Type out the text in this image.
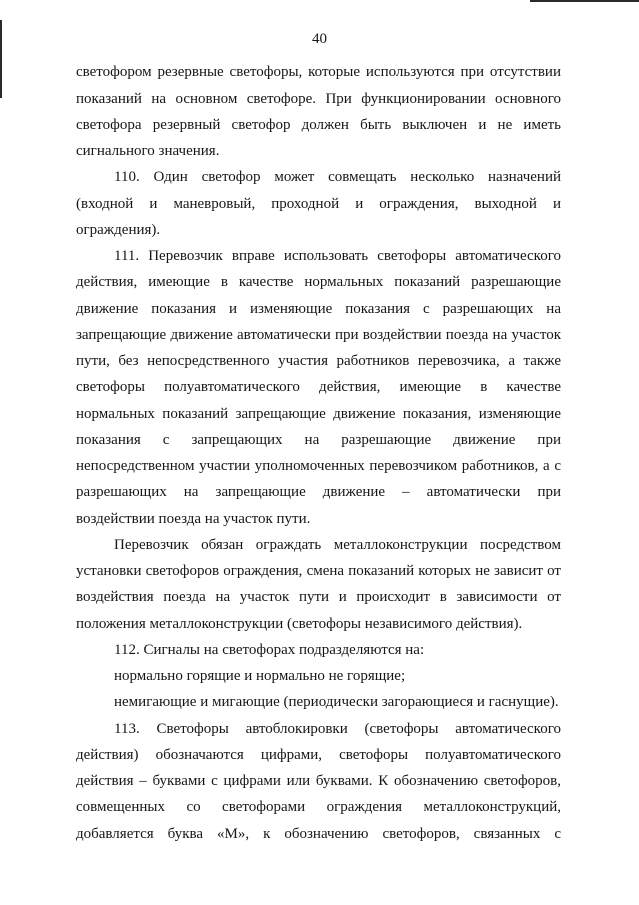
40
светофором резервные светофоры, которые используются при отсутствии
показаний на основном светофоре. При функционировании основного
светофора резервный светофор должен быть выключен и не иметь
сигнального значения.
110. Один светофор может совмещать несколько назначений
(входной и маневровый, проходной и ограждения, выходной и
ограждения).
111. Перевозчик вправе использовать светофоры автоматического
действия, имеющие в качестве нормальных показаний разрешающие
движение показания и изменяющие показания с разрешающих на
запрещающие движение автоматически при воздействии поезда на участок
пути, без непосредственного участия работников перевозчика, а также
светофоры полуавтоматического действия, имеющие в качестве
нормальных показаний запрещающие движение показания, изменяющие
показания с запрещающих на разрешающие движение при
непосредственном участии уполномоченных перевозчиком работников, а с
разрешающих на запрещающие движение – автоматически при
воздействии поезда на участок пути.
Перевозчик обязан ограждать металлоконструкции посредством
установки светофоров ограждения, смена показаний которых не зависит от
воздействия поезда на участок пути и происходит в зависимости от
положения металлоконструкции (светофоры независимого действия).
112. Сигналы на светофорах подразделяются на:
нормально горящие и нормально не горящие;
немигающие и мигающие (периодически загорающиеся и гаснущие).
113. Светофоры автоблокировки (светофоры автоматического
действия) обозначаются цифрами, светофоры полуавтоматического
действия – буквами с цифрами или буквами. К обозначению светофоров,
совмещенных со светофорами ограждения металлоконструкций,
добавляется буква «М», к обозначению светофоров, связанных с
